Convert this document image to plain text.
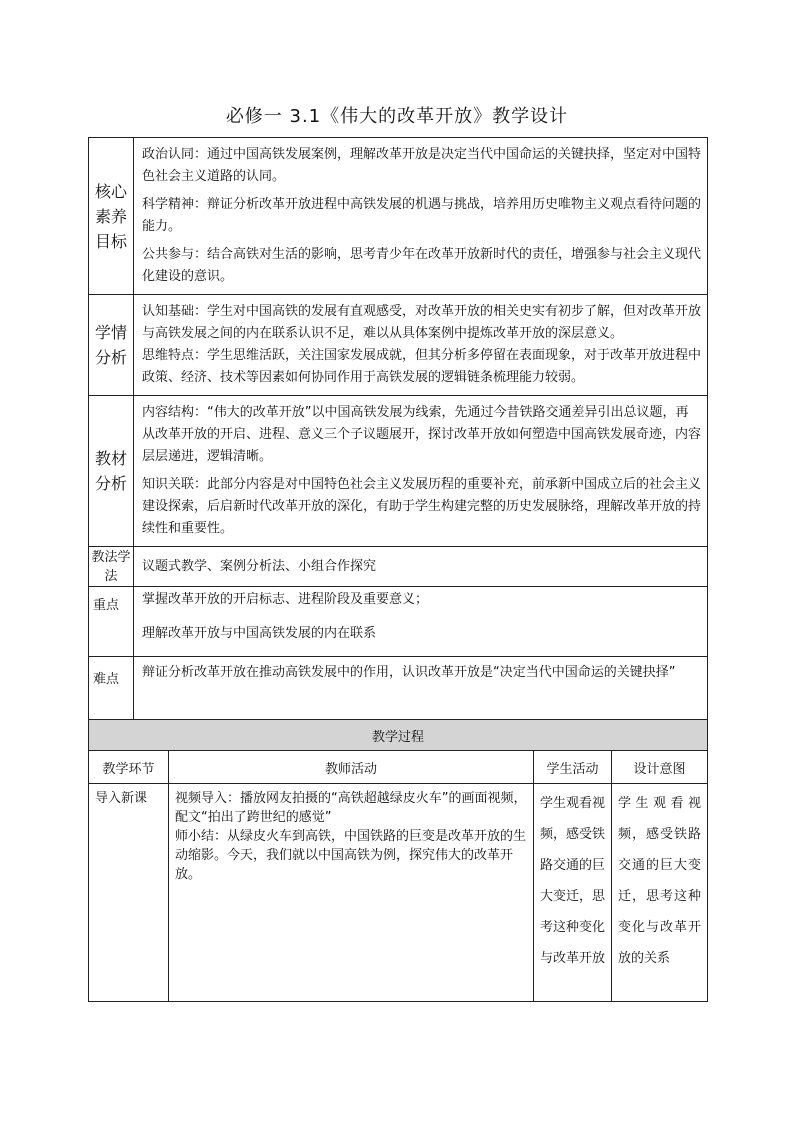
必修一 3.1《伟大的改革开放》教学设计
核心素养目标	政治认同：通过中国高铁发展案例，理解改革开放是决定当代中国命运的关键抉择，坚定对中国特色社会主义道路的认同。

科学精神：辩证分析改革开放进程中高铁发展的机遇与挑战，培养用历史唯物主义观点看待问题的能力。

公共参与：结合高铁对生活的影响，思考青少年在改革开放新时代的责任，增强参与社会主义现代化建设的意识。

学情分析	认知基础：学生对中国高铁的发展有直观感受，对改革开放的相关史实有初步了解，但对改革开放与高铁发展之间的内在联系认识不足，难以从具体案例中提炼改革开放的深层意义。

思维特点：学生思维活跃，关注国家发展成就，但其分析多停留在表面现象，对于改革开放进程中政策、经济、技术等因素如何协同作用于高铁发展的逻辑链条梳理能力较弱。

教材分析	内容结构：“伟大的改革开放”以中国高铁发展为线索，先通过今昔铁路交通差异引出总议题，再从改革开放的开启、进程、意义三个子议题展开，探讨改革开放如何塑造中国高铁发展奇迹，内容层层递进，逻辑清晰。

知识关联：此部分内容是对中国特色社会主义发展历程的重要补充，前承新中国成立后的社会主义建设探索，后启新时代改革开放的深化，有助于学生构建完整的历史发展脉络，理解改革开放的持续性和重要性。

教法学法	议题式教学、案例分析法、小组合作探究
重点	掌握改革开放的开启标志、进程阶段及重要意义；

理解改革开放与中国高铁发展的内在联系

难点	辩证分析改革开放在推动高铁发展中的作用，认识改革开放是“决定当代中国命运的关键抉择”
教学过程			
教学环节	教师活动	学生活动	设计意图
导入新课	视频导入：播放网友拍摄的“高铁超越绿皮火车”的画面视频，配文“拍出了跨世纪的感觉”
师小结：从绿皮火车到高铁，中国铁路的巨变是改革开放的生动缩影。今天，我们就以中国高铁为例，探究伟大的改革开放。	学生观看视频，感受铁路交通的巨大变迁，思考这种变化与改革开放	学生观看视频，感受铁路交通的巨大变迁，思考这种变化与改革开放的关系
